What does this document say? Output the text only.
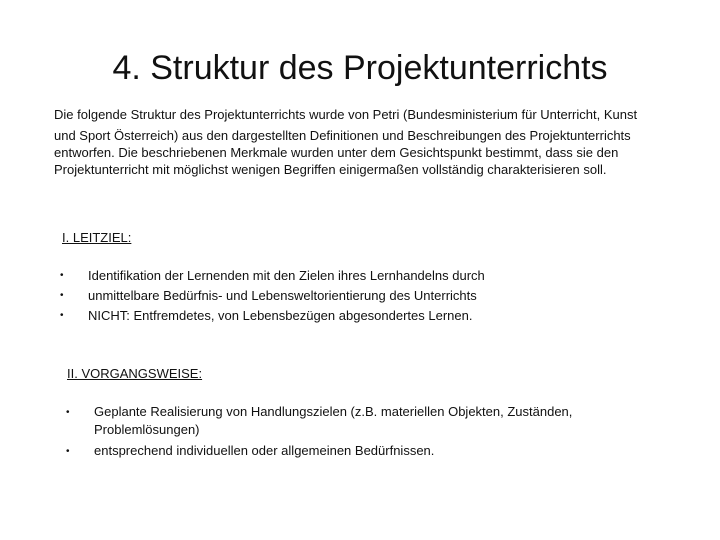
4. Struktur des Projektunterrichts

Die folgende Struktur des Projektunterrichts wurde von Petri (Bundesministerium für Unterricht, Kunst
und Sport Österreich) aus den dargestellten Definitionen und Beschreibungen des Projektunterrichts
entworfen. Die beschriebenen Merkmale wurden unter dem Gesichtspunkt bestimmt, dass sie den
Projektunterricht mit möglichst wenigen Begriffen einigermaßen vollständig charakterisieren soll.

I. LEITZIEL:
• Identifikation der Lernenden mit den Zielen ihres Lernhandelns durch
• unmittelbare Bedürfnis- und Lebensweltorientierung des Unterrichts
• NICHT: Entfremdetes, von Lebensbezügen abgesondertes Lernen.
II. VORGANGSWEISE:
• Geplante Realisierung von Handlungszielen (z.B. materiellen Objekten, Zuständen, Problemlösungen)
• entsprechend individuellen oder allgemeinen Bedürfnissen.
